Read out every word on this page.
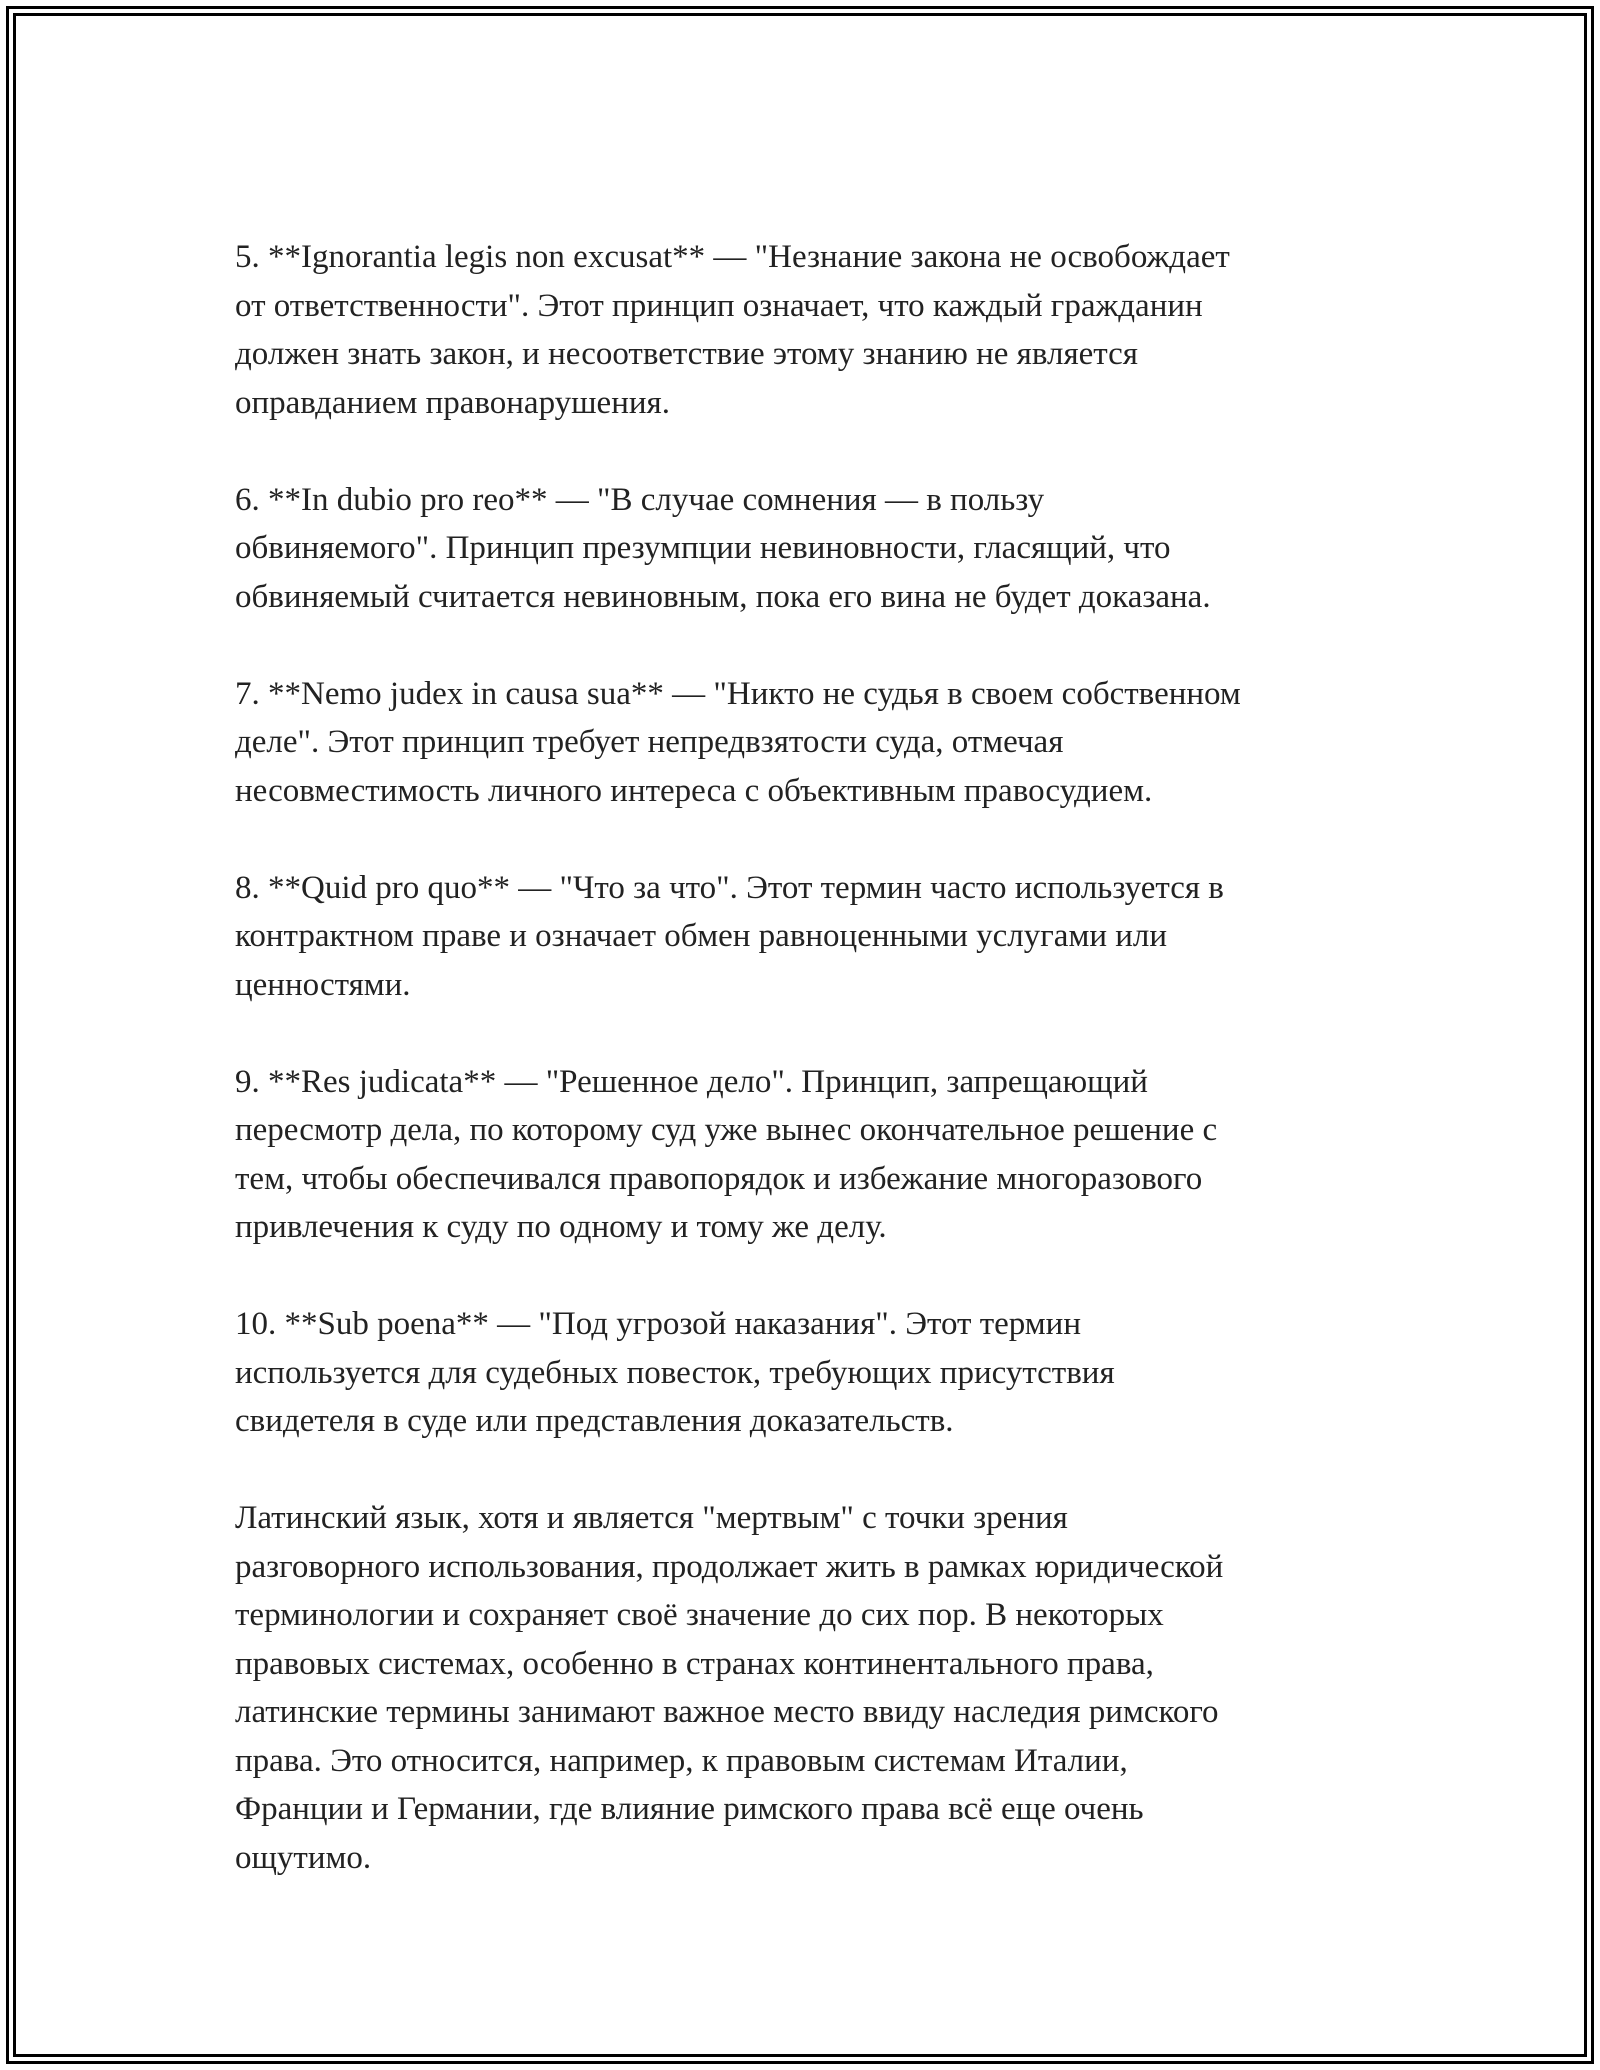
5. **Ignorantia legis non excusat** — "Незнание закона не освобождает
от ответственности". Этот принцип означает, что каждый гражданин
должен знать закон, и несоответствие этому знанию не является
оправданием правонарушения.

6. **In dubio pro reo** — "В случае сомнения — в пользу
обвиняемого". Принцип презумпции невиновности, гласящий, что
обвиняемый считается невиновным, пока его вина не будет доказана.

7. **Nemo judex in causa sua** — "Никто не судья в своем собственном
деле". Этот принцип требует непредвзятости суда, отмечая
несовместимость личного интереса с объективным правосудием.

8. **Quid pro quo** — "Что за что". Этот термин часто используется в
контрактном праве и означает обмен равноценными услугами или
ценностями.

9. **Res judicata** — "Решенное дело". Принцип, запрещающий
пересмотр дела, по которому суд уже вынес окончательное решение с
тем, чтобы обеспечивался правопорядок и избежание многоразового
привлечения к суду по одному и тому же делу.

10. **Sub poena** — "Под угрозой наказания". Этот термин
используется для судебных повесток, требующих присутствия
свидетеля в суде или представления доказательств.

Латинский язык, хотя и является "мертвым" с точки зрения
разговорного использования, продолжает жить в рамках юридической
терминологии и сохраняет своё значение до сих пор. В некоторых
правовых системах, особенно в странах континентального права,
латинские термины занимают важное место ввиду наследия римского
права. Это относится, например, к правовым системам Италии,
Франции и Германии, где влияние римского права всё еще очень
ощутимо.
